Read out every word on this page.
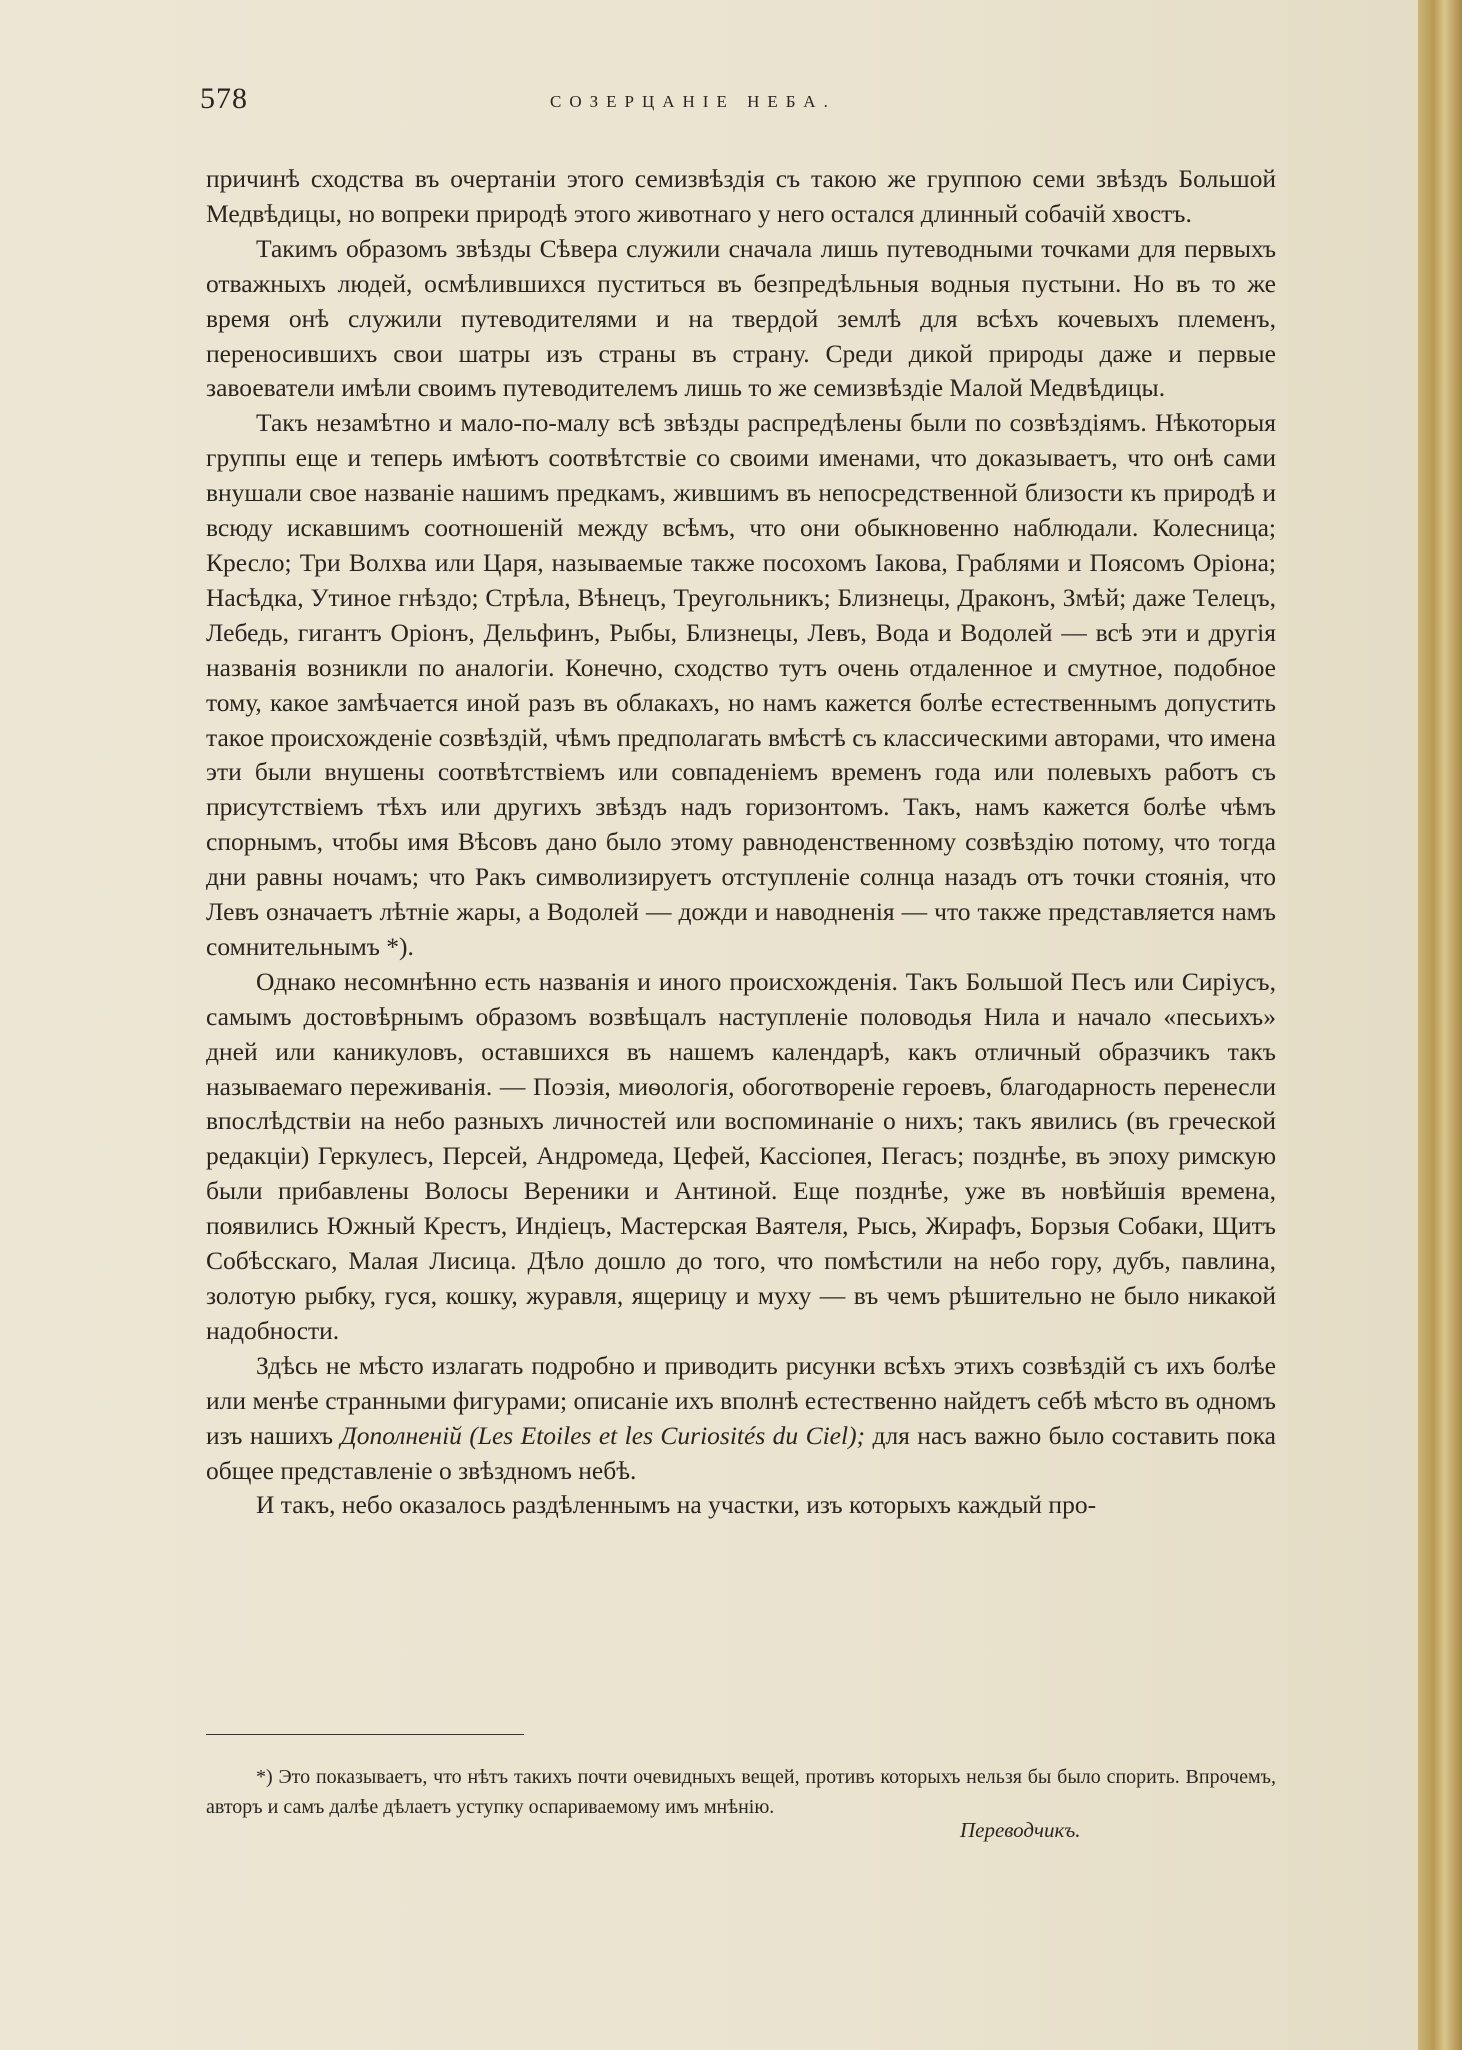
578	СОЗЕРЦАНІЕ НЕБА.

причинѣ сходства въ очертаніи этого семизвѣздія съ такою же группою семи звѣздъ Большой Медвѣдицы, но вопреки природѣ этого животнаго у него остался длинный собачій хвостъ.

Такимъ образомъ звѣзды Сѣвера служили сначала лишь путеводными точками для первыхъ отважныхъ людей, осмѣлившихся пуститься въ безпредѣльныя водныя пустыни. Но въ то же время онѣ служили путеводителями и на твердой землѣ для всѣхъ кочевыхъ племенъ, переносившихъ свои шатры изъ страны въ страну. Среди дикой природы даже и первые завоеватели имѣли своимъ путеводителемъ лишь то же семизвѣздіе Малой Медвѣдицы.

Такъ незамѣтно и мало-по-малу всѣ звѣзды распредѣлены были по созвѣздіямъ. Нѣкоторыя группы еще и теперь имѣютъ соотвѣтствіе со своими именами, что доказываетъ, что онѣ сами внушали свое названіе нашимъ предкамъ, жившимъ въ непосредственной близости къ природѣ и всюду искавшимъ соотношеній между всѣмъ, что они обыкновенно наблюдали. Колесница; Кресло; Три Волхва или Царя, называемые также посохомъ Іакова, Граблями и Поясомъ Оріона; Насѣдка, Утиное гнѣздо; Стрѣла, Вѣнецъ, Треугольникъ; Близнецы, Драконъ, Змѣй; даже Телецъ, Лебедь, гигантъ Оріонъ, Дельфинъ, Рыбы, Близнецы, Левъ, Вода и Водолей — всѣ эти и другія названія возникли по аналогіи. Конечно, сходство тутъ очень отдаленное и смутное, подобное тому, какое замѣчается иной разъ въ облакахъ, но намъ кажется болѣе естественнымъ допустить такое происхожденіе созвѣздій, чѣмъ предполагать вмѣстѣ съ классическими авторами, что имена эти были внушены соотвѣтствіемъ или совпаденіемъ временъ года или полевыхъ работъ съ присутствіемъ тѣхъ или другихъ звѣздъ надъ горизонтомъ. Такъ, намъ кажется болѣе чѣмъ спорнымъ, чтобы имя Вѣсовъ дано было этому равноденственному созвѣздію потому, что тогда дни равны ночамъ; что Ракъ символизируетъ отступленіе солнца назадъ отъ точки стоянія, что Левъ означаетъ лѣтніе жары, а Водолей — дожди и наводненія — что также представляется намъ сомнительнымъ *).

Однако несомнѣнно есть названія и иного происхожденія. Такъ Большой Песъ или Сиріусъ, самымъ достовѣрнымъ образомъ возвѣщалъ наступленіе половодья Нила и начало «песьихъ» дней или каникуловъ, оставшихся въ нашемъ календарѣ, какъ отличный образчикъ такъ называемаго переживанія. — Поэзія, миѳологія, обоготвореніе героевъ, благодарность перенесли впослѣдствіи на небо разныхъ личностей или воспоминаніе о нихъ; такъ явились (въ греческой редакціи) Геркулесъ, Персей, Андромеда, Цефей, Кассіопея, Пегасъ; позднѣе, въ эпоху римскую были прибавлены Волосы Вереники и Антиной. Еще позднѣе, уже въ новѣйшія времена, появились Южный Крестъ, Индіецъ, Мастерская Ваятеля, Рысь, Жирафъ, Борзыя Собаки, Щитъ Собѣсскаго, Малая Лисица. Дѣло дошло до того, что помѣстили на небо гору, дубъ, павлина, золотую рыбку, гуся, кошку, журавля, ящерицу и муху — въ чемъ рѣшительно не было никакой надобности.

Здѣсь не мѣсто излагать подробно и приводить рисунки всѣхъ этихъ созвѣздій съ ихъ болѣе или менѣе странными фигурами; описаніе ихъ вполнѣ естественно найдетъ себѣ мѣсто въ одномъ изъ нашихъ Дополненій (Les Etoiles et les Curiosités du Ciel); для насъ важно было составить пока общее представленіе о звѣздномъ небѣ.

И такъ, небо оказалось раздѣленнымъ на участки, изъ которыхъ каждый про-

*) Это показываетъ, что нѣтъ такихъ почти очевидныхъ вещей, противъ которыхъ нельзя бы было спорить. Впрочемъ, авторъ и самъ далѣе дѣлаетъ уступку оспариваемому имъ мнѣнію.

Переводчикъ.
